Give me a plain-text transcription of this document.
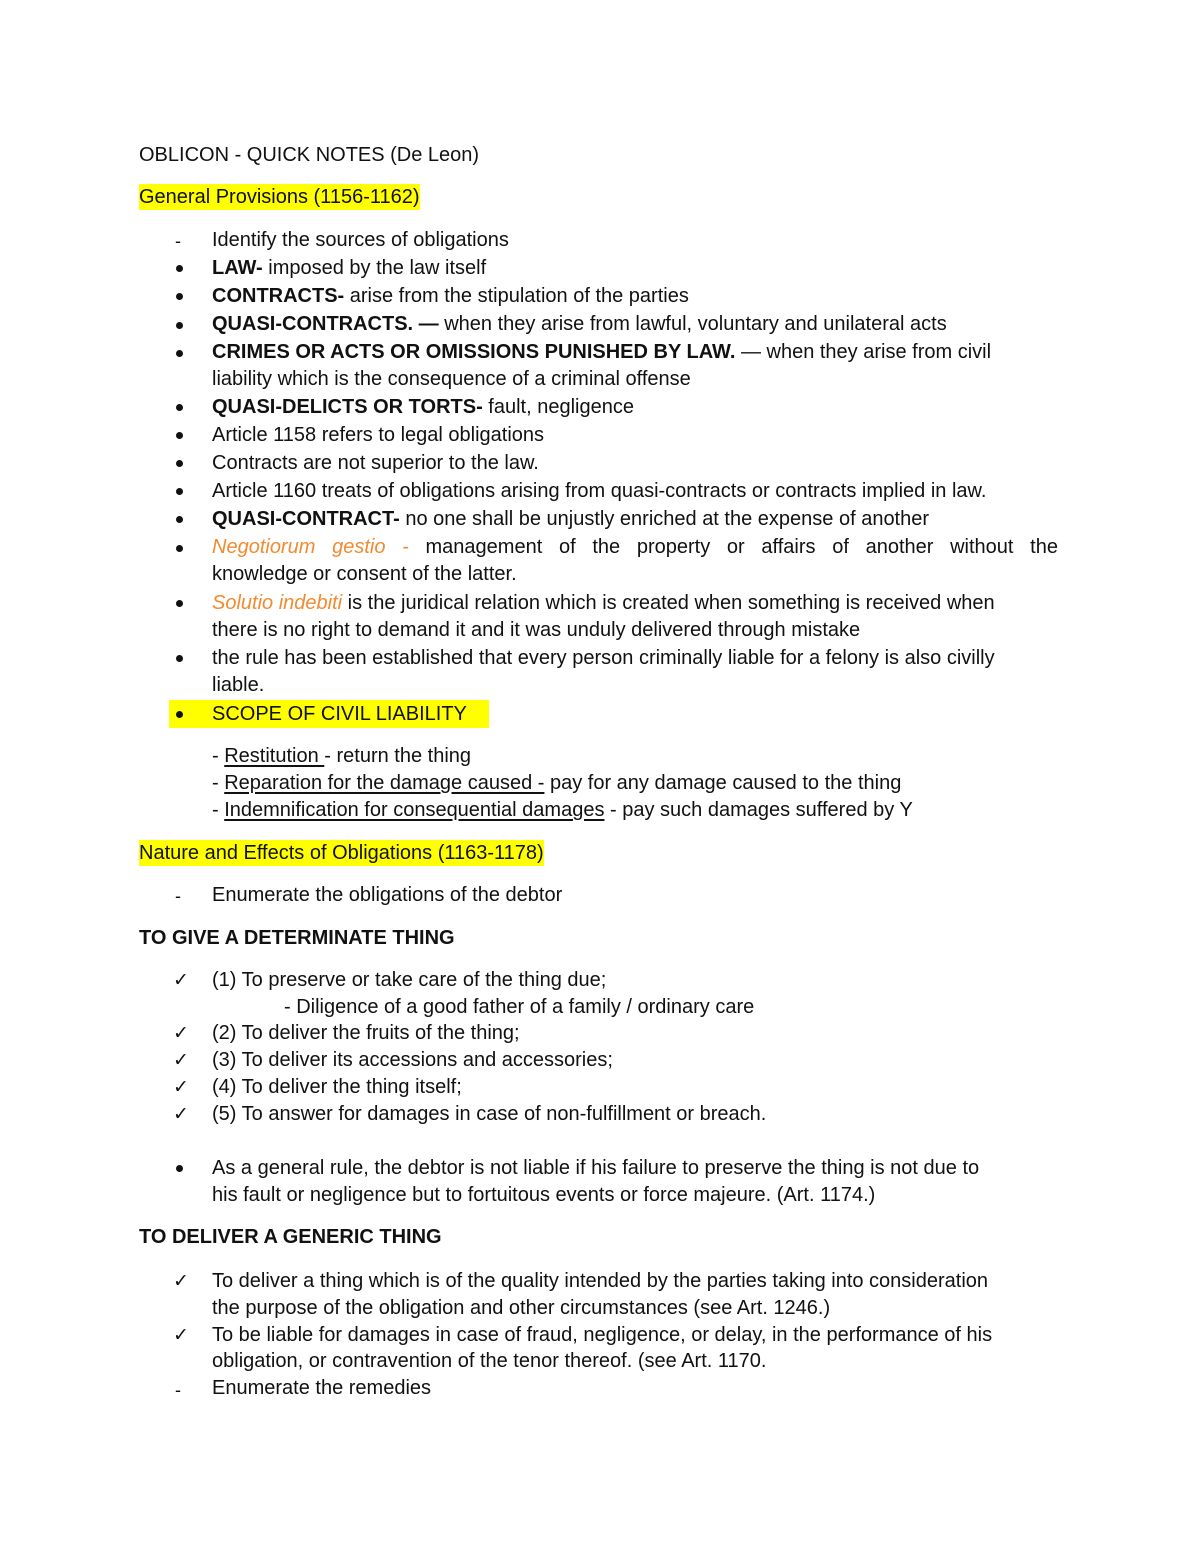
OBLICON - QUICK NOTES (De Leon)
General Provisions (1156-1162)
- Identify the sources of obligations
LAW- imposed by the law itself
CONTRACTS- arise from the stipulation of the parties
QUASI-CONTRACTS. — when they arise from lawful, voluntary and unilateral acts
CRIMES OR ACTS OR OMISSIONS PUNISHED BY LAW. — when they arise from civil
liability which is the consequence of a criminal offense
QUASI-DELICTS OR TORTS- fault, negligence
Article 1158 refers to legal obligations
Contracts are not superior to the law.
Article 1160 treats of obligations arising from quasi-contracts or contracts implied in law.
QUASI-CONTRACT- no one shall be unjustly enriched at the expense of another
Negotiorum gestio - management of the property or affairs of another without the
knowledge or consent of the latter.
Solutio indebiti is the juridical relation which is created when something is received when
there is no right to demand it and it was unduly delivered through mistake
the rule has been established that every person criminally liable for a felony is also civilly
liable.
SCOPE OF CIVIL LIABILITY
- Restitution - return the thing
- Reparation for the damage caused - pay for any damage caused to the thing
- Indemnification for consequential damages - pay such damages suffered by Y
Nature and Effects of Obligations (1163-1178)
- Enumerate the obligations of the debtor
TO GIVE A DETERMINATE THING
✓ (1) To preserve or take care of the thing due;
- Diligence of a good father of a family / ordinary care
✓ (2) To deliver the fruits of the thing;
✓ (3) To deliver its accessions and accessories;
✓ (4) To deliver the thing itself;
✓ (5) To answer for damages in case of non-fulfillment or breach.
As a general rule, the debtor is not liable if his failure to preserve the thing is not due to
his fault or negligence but to fortuitous events or force majeure. (Art. 1174.)
TO DELIVER A GENERIC THING
✓ To deliver a thing which is of the quality intended by the parties taking into consideration
the purpose of the obligation and other circumstances (see Art. 1246.)
✓ To be liable for damages in case of fraud, negligence, or delay, in the performance of his
obligation, or contravention of the tenor thereof. (see Art. 1170.
- Enumerate the remedies
